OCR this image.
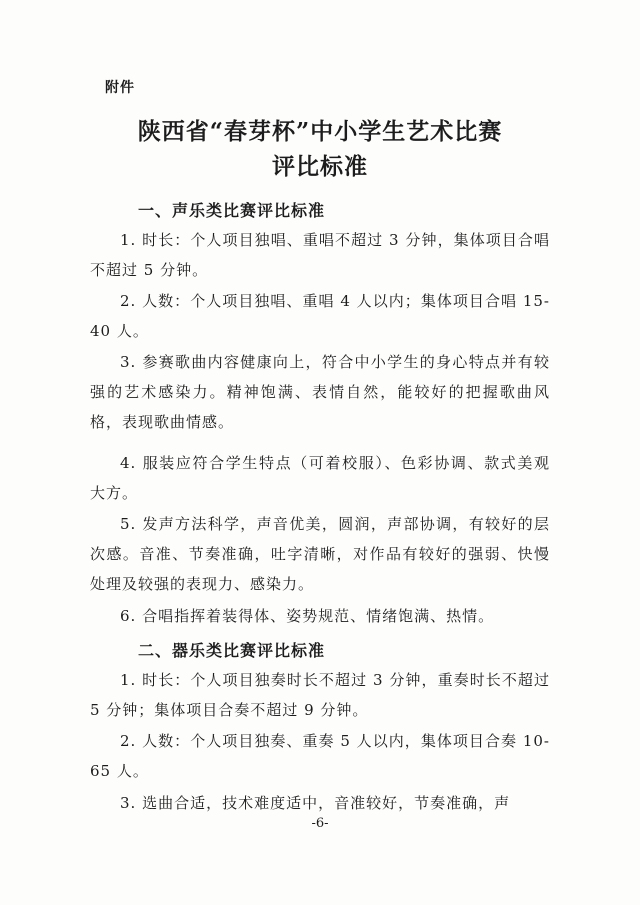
附件
陕西省“春芽杯”中小学生艺术比赛
评比标准
一、声乐类比赛评比标准
1. 时长：个人项目独唱、重唱不超过 3 分钟，集体项目合唱不超过 5 分钟。
2. 人数：个人项目独唱、重唱 4 人以内；集体项目合唱 15-40 人。
3. 参赛歌曲内容健康向上，符合中小学生的身心特点并有较强的艺术感染力。精神饱满、表情自然，能较好的把握歌曲风格，表现歌曲情感。
4. 服装应符合学生特点（可着校服）、色彩协调、款式美观大方。
5. 发声方法科学，声音优美，圆润，声部协调，有较好的层次感。音准、节奏准确，吐字清晰，对作品有较好的强弱、快慢处理及较强的表现力、感染力。
6. 合唱指挥着装得体、姿势规范、情绪饱满、热情。
二、器乐类比赛评比标准
1. 时长：个人项目独奏时长不超过 3 分钟，重奏时长不超过 5 分钟；集体项目合奏不超过 9 分钟。
2. 人数：个人项目独奏、重奏 5 人以内，集体项目合奏 10-65 人。
3. 选曲合适，技术难度适中，音准较好，节奏准确，声
-6-
